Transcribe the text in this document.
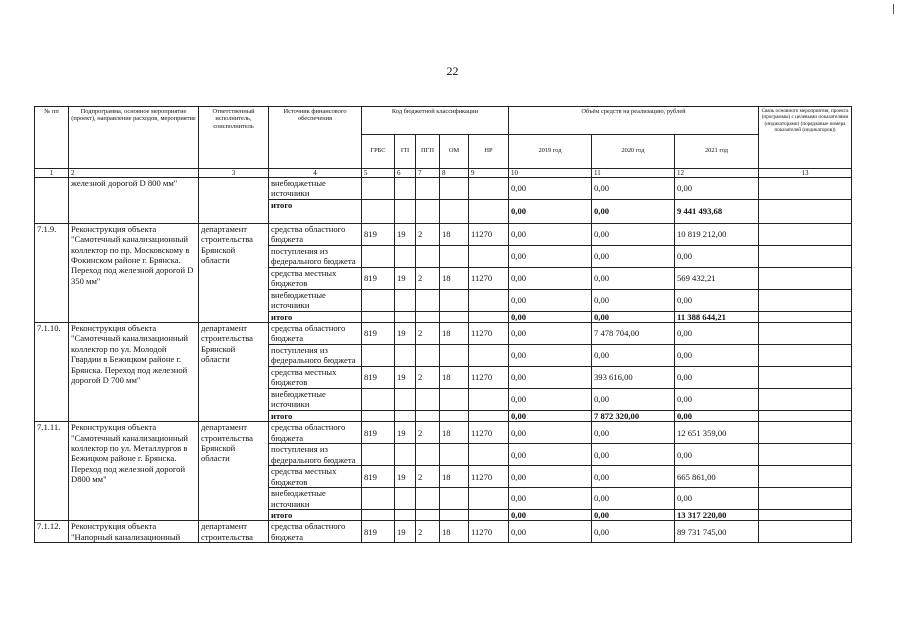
22
№ пп	Подпрограмма, основное мероприятие (проект), направление расходов, мероприятие	Ответственный исполнитель, соисполнитель	Источник финансового обеспечения	Код бюджетной классификации					Объём средств на реализацию, рублей			Связь основного мероприятия, проекта (программы) с целевыми показателями (индикаторами) (порядковые номера показателей (индикаторов))
				ГРБС	ГП	ПГП	ОМ	НР	2019 год	2020 год	2021 год	
1	2	3	4	5	6	7	8	9	10	11	12	13
	железной дорогой D 800 мм"		внебюджетные источники						0,00	0,00	0,00	
			итого						0,00	0,00	9 441 493,68	
7.1.9.	Реконструкция объекта "Самотечный канализационный коллектор по пр. Московскому в Фокинском районе г. Брянска. Переход под железной дорогой D 350 мм"	департамент строительства Брянской области	средства областного бюджета	819	19	2	18	11270	0,00	0,00	10 819 212,00	
			поступления из федерального бюджета						0,00	0,00	0,00	
			средства местных бюджетов	819	19	2	18	11270	0,00	0,00	569 432,21	
			внебюджетные источники						0,00	0,00	0,00	
			итого						0,00	0,00	11 388 644,21	
7.1.10.	Реконструкция объекта "Самотечный канализационный коллектор по ул. Молодой Гвардии в Бежицком районе г. Брянска. Переход под железной дорогой D 700 мм"	департамент строительства Брянской области	средства областного бюджета	819	19	2	18	11270	0,00	7 478 704,00	0,00	
			поступления из федерального бюджета						0,00	0,00	0,00	
			средства местных бюджетов	819	19	2	18	11270	0,00	393 616,00	0,00	
			внебюджетные источники						0,00	0,00	0,00	
			итого						0,00	7 872 320,00	0,00	
7.1.11.	Реконструкция объекта "Самотечный канализационный коллектор по ул. Металлургов в Бежицком районе г. Брянска. Переход под железной дорогой D800 мм"	департамент строительства Брянской области	средства областного бюджета	819	19	2	18	11270	0,00	0,00	12 651 359,00	
			поступления из федерального бюджета						0,00	0,00	0,00	
			средства местных бюджетов	819	19	2	18	11270	0,00	0,00	665 861,00	
			внебюджетные источники						0,00	0,00	0,00	
			итого						0,00	0,00	13 317 220,00	
7.1.12.	Реконструкция объекта "Напорный канализационный	департамент строительства	средства областного бюджета	819	19	2	18	11270	0,00	0,00	89 731 745,00	
